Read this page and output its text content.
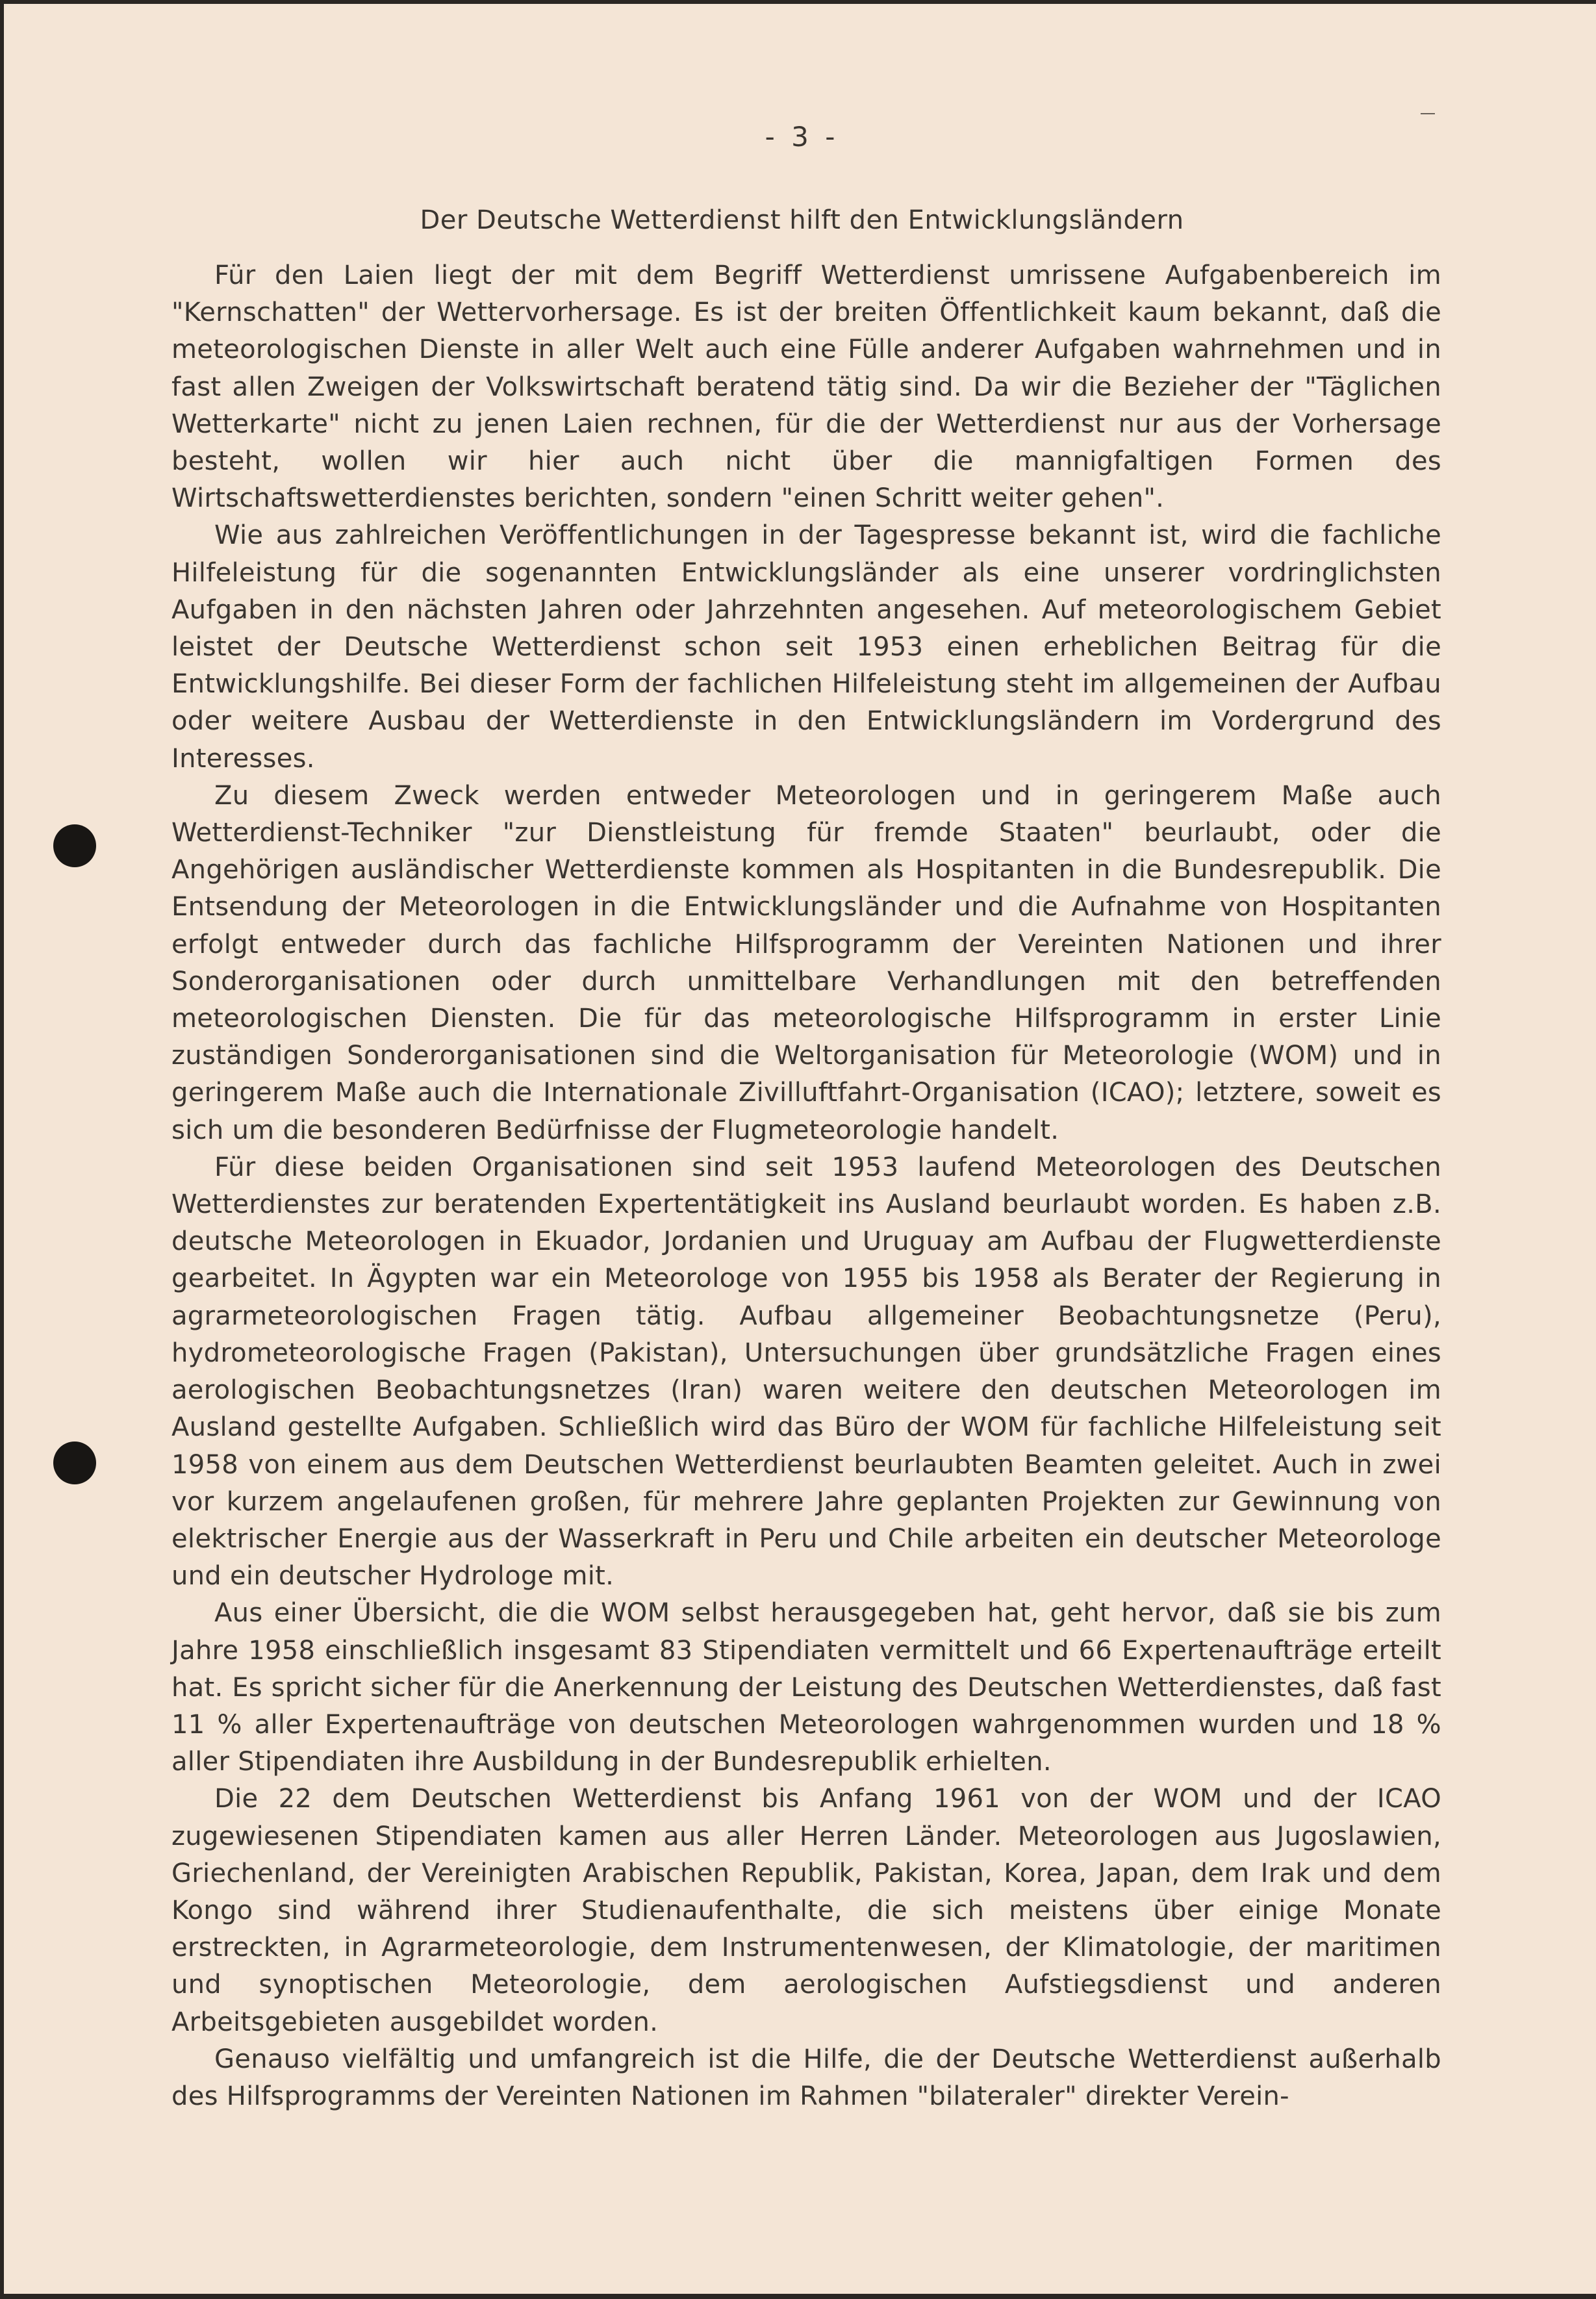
- 3 -
Der Deutsche Wetterdienst hilft den Entwicklungsländern

Für den Laien liegt der mit dem Begriff Wetterdienst umrissene Aufgabenbereich im "Kernschatten" der Wettervorhersage. Es ist der breiten Öffentlichkeit kaum bekannt, daß die meteorologischen Dienste in aller Welt auch eine Fülle anderer Aufgaben wahrnehmen und in fast allen Zweigen der Volkswirtschaft beratend tätig sind. Da wir die Bezieher der "Täglichen Wetterkarte" nicht zu jenen Laien rechnen, für die der Wetterdienst nur aus der Vorhersage besteht, wollen wir hier auch nicht über die mannigfaltigen Formen des Wirtschaftswetterdienstes berichten, sondern "einen Schritt weiter gehen".

Wie aus zahlreichen Veröffentlichungen in der Tagespresse bekannt ist, wird die fachliche Hilfeleistung für die sogenannten Entwicklungsländer als eine unserer vordringlichsten Aufgaben in den nächsten Jahren oder Jahrzehnten angesehen. Auf meteorologischem Gebiet leistet der Deutsche Wetterdienst schon seit 1953 einen erheblichen Beitrag für die Entwicklungshilfe. Bei dieser Form der fachlichen Hilfeleistung steht im allgemeinen der Aufbau oder weitere Ausbau der Wetterdienste in den Entwicklungsländern im Vordergrund des Interesses.

Zu diesem Zweck werden entweder Meteorologen und in geringerem Maße auch Wetterdienst-Techniker "zur Dienstleistung für fremde Staaten" beurlaubt, oder die Angehörigen ausländischer Wetterdienste kommen als Hospitanten in die Bundesrepublik. Die Entsendung der Meteorologen in die Entwicklungsländer und die Aufnahme von Hospitanten erfolgt entweder durch das fachliche Hilfsprogramm der Vereinten Nationen und ihrer Sonderorganisationen oder durch unmittelbare Verhandlungen mit den betreffenden meteorologischen Diensten. Die für das meteorologische Hilfsprogramm in erster Linie zuständigen Sonderorganisationen sind die Weltorganisation für Meteorologie (WOM) und in geringerem Maße auch die Internationale Zivilluftfahrt-Organisation (ICAO); letztere, soweit es sich um die besonderen Bedürfnisse der Flugmeteorologie handelt.

Für diese beiden Organisationen sind seit 1953 laufend Meteorologen des Deutschen Wetterdienstes zur beratenden Expertentätigkeit ins Ausland beurlaubt worden. Es haben z.B. deutsche Meteorologen in Ekuador, Jordanien und Uruguay am Aufbau der Flugwetterdienste gearbeitet. In Ägypten war ein Meteorologe von 1955 bis 1958 als Berater der Regierung in agrarmeteorologischen Fragen tätig. Aufbau allgemeiner Beobachtungsnetze (Peru), hydrometeorologische Fragen (Pakistan), Untersuchungen über grundsätzliche Fragen eines aerologischen Beobachtungsnetzes (Iran) waren weitere den deutschen Meteorologen im Ausland gestellte Aufgaben. Schließlich wird das Büro der WOM für fachliche Hilfeleistung seit 1958 von einem aus dem Deutschen Wetterdienst beurlaubten Beamten geleitet. Auch in zwei vor kurzem angelaufenen großen, für mehrere Jahre geplanten Projekten zur Gewinnung von elektrischer Energie aus der Wasserkraft in Peru und Chile arbeiten ein deutscher Meteorologe und ein deutscher Hydrologe mit.

Aus einer Übersicht, die die WOM selbst herausgegeben hat, geht hervor, daß sie bis zum Jahre 1958 einschließlich insgesamt 83 Stipendiaten vermittelt und 66 Expertenaufträge erteilt hat. Es spricht sicher für die Anerkennung der Leistung des Deutschen Wetterdienstes, daß fast 11 % aller Expertenaufträge von deutschen Meteorologen wahrgenommen wurden und 18 % aller Stipendiaten ihre Ausbildung in der Bundesrepublik erhielten.

Die 22 dem Deutschen Wetterdienst bis Anfang 1961 von der WOM und der ICAO zugewiesenen Stipendiaten kamen aus aller Herren Länder. Meteorologen aus Jugoslawien, Griechenland, der Vereinigten Arabischen Republik, Pakistan, Korea, Japan, dem Irak und dem Kongo sind während ihrer Studienaufenthalte, die sich meistens über einige Monate erstreckten, in Agrarmeteorologie, dem Instrumentenwesen, der Klimatologie, der maritimen und synoptischen Meteorologie, dem aerologischen Aufstiegsdienst und anderen Arbeitsgebieten ausgebildet worden.

Genauso vielfältig und umfangreich ist die Hilfe, die der Deutsche Wetterdienst außerhalb des Hilfsprogramms der Vereinten Nationen im Rahmen "bilateraler" direkter Verein-
